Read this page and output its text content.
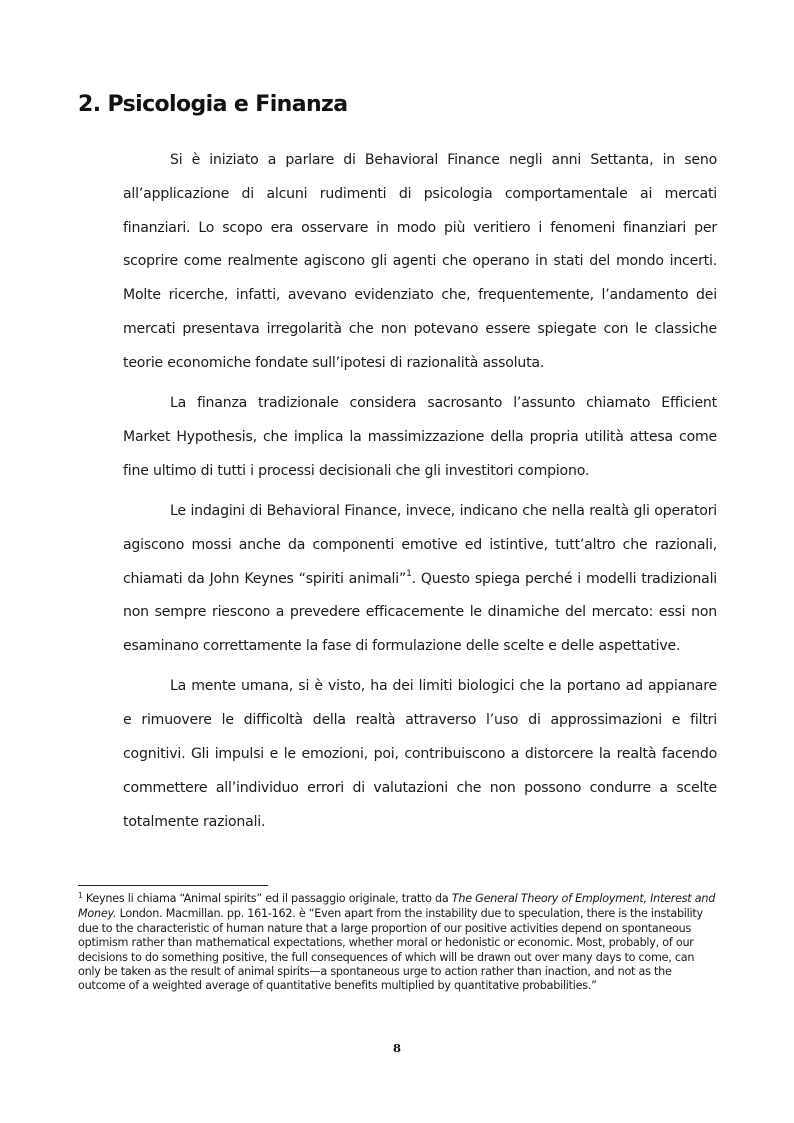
2. Psicologia e Finanza

Si è iniziato a parlare di Behavioral Finance negli anni Settanta, in seno all’applicazione di alcuni rudimenti di psicologia comportamentale ai mercati finanziari. Lo scopo era osservare in modo più veritiero i fenomeni finanziari per scoprire come realmente agiscono gli agenti che operano in stati del mondo incerti. Molte ricerche, infatti, avevano evidenziato che, frequentemente, l’andamento dei mercati presentava irregolarità che non potevano essere spiegate con le classiche teorie economiche fondate sull’ipotesi di razionalità assoluta.

La finanza tradizionale considera sacrosanto l’assunto chiamato Efficient Market Hypothesis, che implica la massimizzazione della propria utilità attesa come fine ultimo di tutti i processi decisionali che gli investitori compiono.

Le indagini di Behavioral Finance, invece, indicano che nella realtà gli operatori agiscono mossi anche da componenti emotive ed istintive, tutt’altro che razionali, chiamati da John Keynes “spiriti animali”$^1$. Questo spiega perché i modelli tradizionali non sempre riescono a prevedere efficacemente le dinamiche del mercato: essi non esaminano correttamente la fase di formulazione delle scelte e delle aspettative.

La mente umana, si è visto, ha dei limiti biologici che la portano ad appianare e rimuovere le difficoltà della realtà attraverso l’uso di approssimazioni e filtri cognitivi. Gli impulsi e le emozioni, poi, contribuiscono a distorcere la realtà facendo commettere all’individuo errori di valutazioni che non possono condurre a scelte totalmente razionali.

$^1$ Keynes li chiama “Animal spirits” ed il passaggio originale, tratto da The General Theory of Employment, Interest and Money. London. Macmillan. pp. 161-162. è “Even apart from the instability due to speculation, there is the instability due to the characteristic of human nature that a large proportion of our positive activities depend on spontaneous optimism rather than mathematical expectations, whether moral or hedonistic or economic. Most, probably, of our decisions to do something positive, the full consequences of which will be drawn out over many days to come, can only be taken as the result of animal spirits—a spontaneous urge to action rather than inaction, and not as the outcome of a weighted average of quantitative benefits multiplied by quantitative probabilities.”

8
